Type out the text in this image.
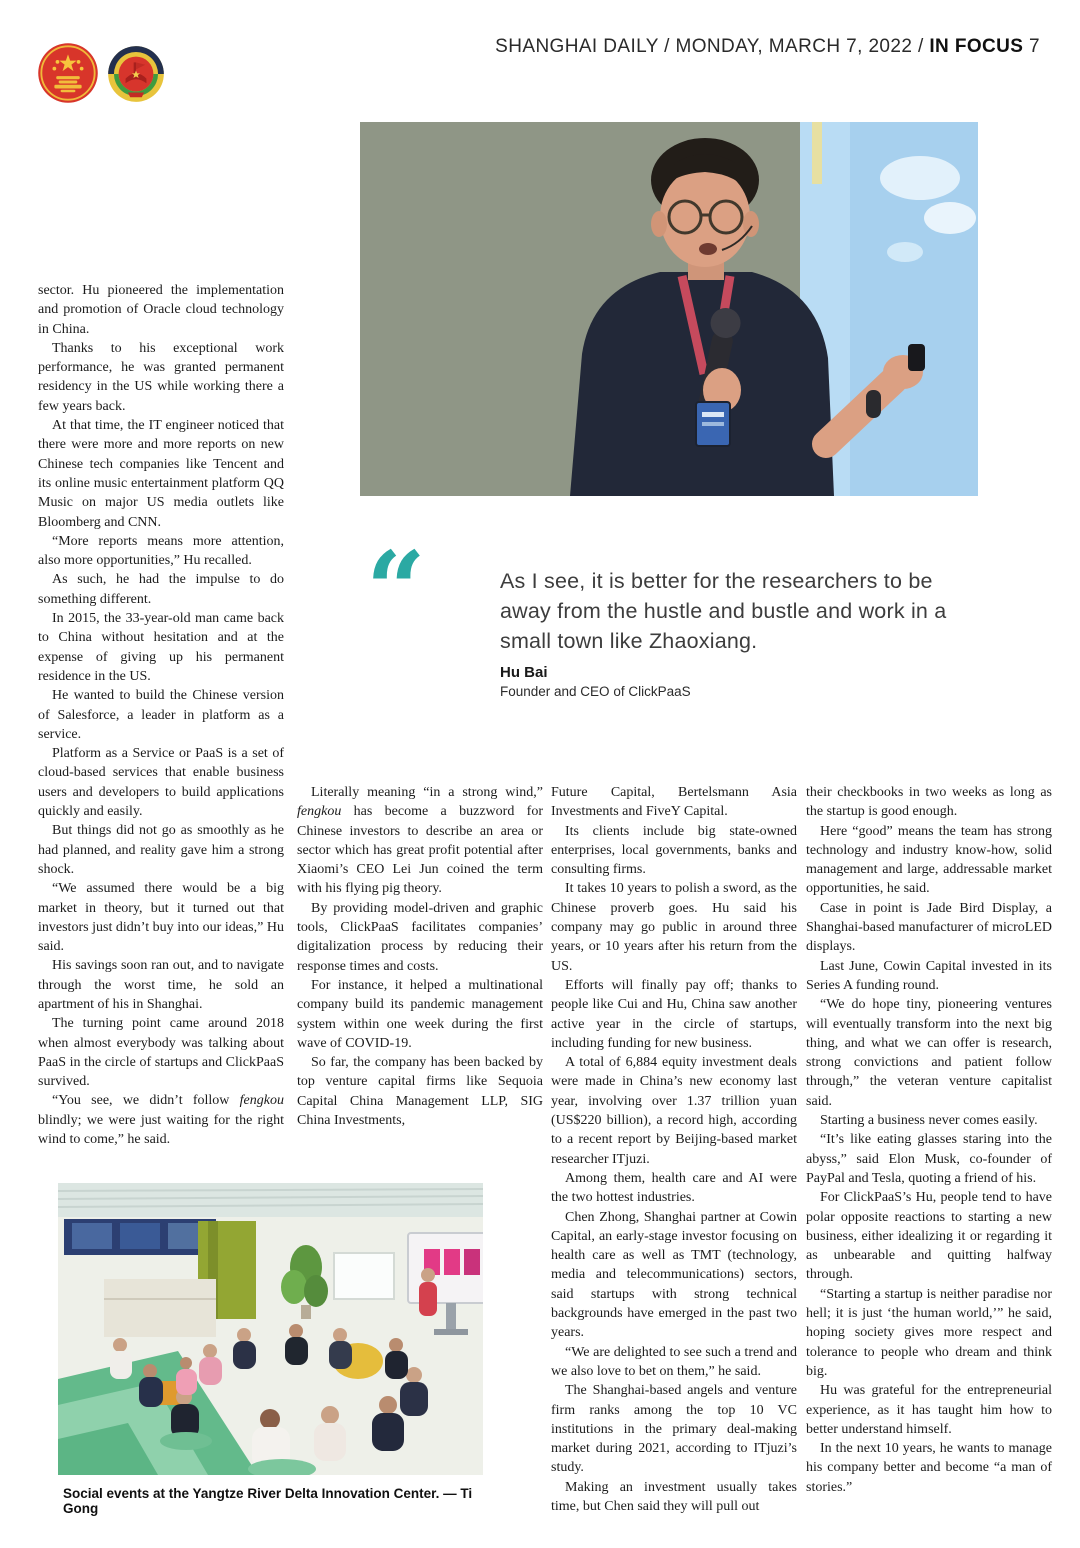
SHANGHAI DAILY / MONDAY, MARCH 7, 2022 / IN FOCUS 7
“	As I see, it is better for the researchers to be away from the hustle and bustle and work in a small town like Zhaoxiang.
Hu Bai
Founder and CEO of ClickPaaS

sector. Hu pioneered the implementation and promotion of Oracle cloud technology in China.

Thanks to his exceptional work performance, he was granted permanent residency in the US while working there a few years back.

At that time, the IT engineer noticed that there were more and more reports on new Chinese tech companies like Tencent and its online music entertainment platform QQ Music on major US media outlets like Bloomberg and CNN.

“More reports means more attention, also more opportunities,” Hu recalled.

As such, he had the impulse to do something different.

In 2015, the 33-year-old man came back to China without hesitation and at the expense of giving up his permanent residence in the US.

He wanted to build the Chinese version of Salesforce, a leader in platform as a service.

Platform as a Service or PaaS is a set of cloud-based services that enable business users and developers to build applications quickly and easily.

But things did not go as smoothly as he had planned, and reality gave him a strong shock.

“We assumed there would be a big market in theory, but it turned out that investors just didn’t buy into our ideas,” Hu said.

His savings soon ran out, and to navigate through the worst time, he sold an apartment of his in Shanghai.

The turning point came around 2018 when almost everybody was talking about PaaS in the circle of startups and ClickPaaS survived.

“You see, we didn’t follow fengkou blindly; we were just waiting for the right wind to come,” he said.

Literally meaning “in a strong wind,” fengkou has become a buzzword for Chinese investors to describe an area or sector which has great profit potential after Xiaomi’s CEO Lei Jun coined the term with his flying pig theory.

By providing model-driven and graphic tools, ClickPaaS facilitates companies’ digitalization process by reducing their response times and costs.

For instance, it helped a multinational company build its pandemic management system within one week during the first wave of COVID-19.

So far, the company has been backed by top venture capital firms like Sequoia Capital China Management LLP, SIG China Investments,

Future Capital, Bertelsmann Asia Investments and FiveY Capital.

Its clients include big state-owned enterprises, local governments, banks and consulting firms.

It takes 10 years to polish a sword, as the Chinese proverb goes. Hu said his company may go public in around three years, or 10 years after his return from the US.

Efforts will finally pay off; thanks to people like Cui and Hu, China saw another active year in the circle of startups, including funding for new business.

A total of 6,884 equity investment deals were made in China’s new economy last year, involving over 1.37 trillion yuan (US$220 billion), a record high, according to a recent report by Beijing-based market researcher ITjuzi.

Among them, health care and AI were the two hottest industries.

Chen Zhong, Shanghai partner at Cowin Capital, an early-stage investor focusing on health care as well as TMT (technology, media and telecommunications) sectors, said startups with strong technical backgrounds have emerged in the past two years.

“We are delighted to see such a trend and we also love to bet on them,” he said.

The Shanghai-based angels and venture firm ranks among the top 10 VC institutions in the primary deal-making market during 2021, according to ITjuzi’s study.

Making an investment usually takes time, but Chen said they will pull out

their checkbooks in two weeks as long as the startup is good enough.

Here “good” means the team has strong technology and industry know-how, solid management and large, addressable market opportunities, he said.

Case in point is Jade Bird Display, a Shanghai-based manufacturer of microLED displays.

Last June, Cowin Capital invested in its Series A funding round.

“We do hope tiny, pioneering ventures will eventually transform into the next big thing, and what we can offer is research, strong convictions and patient follow through,” the veteran venture capitalist said.

Starting a business never comes easily.

“It’s like eating glasses staring into the abyss,” said Elon Musk, co-founder of PayPal and Tesla, quoting a friend of his.

For ClickPaaS’s Hu, people tend to have polar opposite reactions to starting a new business, either idealizing it or regarding it as unbearable and quitting halfway through.

“Starting a startup is neither paradise nor hell; it is just ‘the human world,’” he said, hoping society gives more respect and tolerance to people who dream and think big.

Hu was grateful for the entrepreneurial experience, as it has taught him how to better understand himself.

In the next 10 years, he wants to manage his company better and become “a man of stories.”

Social events at the Yangtze River Delta Innovation Center. — Ti Gong
